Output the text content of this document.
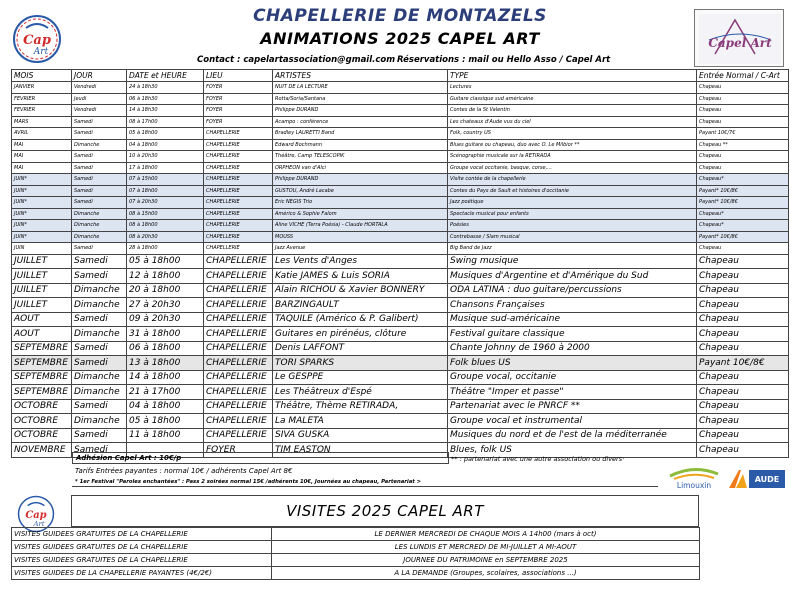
Cap
Art
CHAPELLERIE DE MONTAZELS
ANIMATIONS 2025 CAPEL ART
Contact : capelartassociation@gmail.com Réservations : mail ou Hello Asso / Capel Art
Capel Art
MOIS	JOUR	DATE et HEURE	LIEU	ARTISTES	TYPE	Entrée Normal / C-Art
JANVIER	Vendredi	24 à 18h30	FOYER	NUIT DE LA LECTURE	Lectures	Chapeau
FEVRIER	Jeudi	06 à 18h30	FOYER	Rotta/Soria/Santana	Guitare classique sud américaine	Chapeau
FEVRIER	Vendredi	14 à 18h30	FOYER	Philippe DURAND	Contes de la St Valentin	Chapeau
MARS	Samedi	08 à 17h00	FOYER	Acampo : conférence	Les chateaux d'Aude vus du ciel	Chapeau
AVRIL	Samedi	05 à 18h00	CHAPELLERIE	Bradley LAURETTI Band	Folk, country US	Payant 10€/7€
MAI	Dimanche	04 à 18h00	CHAPELLERIE	Edward Bochmann	Blues guitare ou chapeau, duo avec O. Le Milbior **	Chapeau **
MAI	Samedi	10 à 20h30	CHAPELLERIE	Théâtre, Camp TELESCOPIK	Scénographie musicale sur la RETIRADA	Chapeau
MAI	Samedi	17 à 18h00	CHAPELLERIE	ORPHEON van d'Alci	Groupe vocal occitanie, basque, corse,...	Chapeau
JUIN*	Samedi	07 à 15h00	CHAPELLERIE	Philippe DURAND	Visite contée de la chapellerie	Chapeau*
JUIN*	Samedi	07 à 18h00	CHAPELLERIE	GUSTOU, André Lacabe	Contes du Pays de Sault et histoires d'occitanie	Payant* 10€/8€
JUIN*	Samedi	07 à 20h30	CHAPELLERIE	Eric NEGIS Trio	Jazz poétique	Payant* 10€/8€
JUIN*	Dimanche	08 à 15h00	CHAPELLERIE	Américo & Sophie Falom	Spectacle musical pour enfants	Chapeau*
JUIN*	Dimanche	08 à 18h00	CHAPELLERIE	Aline VICHE (Terra Poésia) - Claude HORTALA	Poésies	Chapeau*
JUIN*	Dimanche	08 à 20h30	CHAPELLERIE	MOUSS	Contrebasse / Slam musical	Payant* 10€/8€
JUIN	Samedi	28 à 18h00	CHAPELLERIE	Jazz Avenue	Big Band de Jazz	Chapeau
JUILLET	Samedi	05 à 18h00	CHAPELLERIE	Les Vents d'Anges	Swing musique	Chapeau
JUILLET	Samedi	12 à 18h00	CHAPELLERIE	Katie JAMES & Luis SORIA	Musiques d'Argentine et d'Amérique du Sud	Chapeau
JUILLET	Dimanche	20 à 18h00	CHAPELLERIE	Alain RICHOU & Xavier BONNERY	ODA LATINA : duo guitare/percussions	Chapeau
JUILLET	Dimanche	27 à 20h30	CHAPELLERIE	BARZINGAULT	Chansons Françaises	Chapeau
AOUT	Samedi	09 à 20h30	CHAPELLERIE	TAQUILE (Américo & P. Galibert)	Musique sud-américaine	Chapeau
AOUT	Dimanche	31 à 18h00	CHAPELLERIE	Guitares en pirénéus, clôture	Festival guitare classique	Chapeau
SEPTEMBRE	Samedi	06 à 18h00	CHAPELLERIE	Denis LAFFONT	Chante Johnny de 1960 à 2000	Chapeau
SEPTEMBRE	Samedi	13 à 18h00	CHAPELLERIE	TORI SPARKS	Folk blues US	Payant 10€/8€
SEPTEMBRE	Dimanche	14 à 18h00	CHAPELLERIE	Le GESPPE	Groupe vocal, occitanie	Chapeau
SEPTEMBRE	Dimanche	21 à 17h00	CHAPELLERIE	Les Théâtreux d'Espé	Théâtre "Imper et passe"	Chapeau
OCTOBRE	Samedi	04 à 18h00	CHAPELLERIE	Théâtre, Thème RETIRADA,	Partenariat avec le PNRCF **	Chapeau
OCTOBRE	Dimanche	05 à 18h00	CHAPELLERIE	La MALETA	Groupe vocal et instrumental	Chapeau
OCTOBRE	Samedi	11 à 18h00	CHAPELLERIE	SIVA GUSKA	Musiques du nord et de l'est de la méditerranée	Chapeau
NOVEMBRE	Samedi		FOYER	TIM EASTON	Blues, folk US	Chapeau
Adhésion Capel Art : 10€/p	** : partenariat avec une autre association ou divers·
Tarifs Entrées payantes : normal 10€ / adhérents Capel Art 8€
* 1er Festival "Paroles enchantées" : Pass 2 soirées normal 15€ /adhérents 10€, Journées au chapeau, Partenariat >	Limouxin
AUDE
Cap
Art
VISITES 2025 CAPEL ART
VISITES GUIDEES GRATUITES DE LA CHAPELLERIE	LE DERNIER MERCREDI DE CHAQUE MOIS A 14h00 (mars à oct)
VISITES GUIDEES GRATUITES DE LA CHAPELLERIE	LES LUNDIS ET MERCREDI DE MI-JUILLET A MI-AOUT
VISITES GUIDEES GRATUITES DE LA CHAPELLERIE	JOURNEE DU PATRIMOINE en SEPTEMBRE 2025
VISITES GUIDEES DE LA CHAPELLERIE PAYANTES (4€/2€)	A LA DEMANDE (Groupes, scolaires, associations ...)
